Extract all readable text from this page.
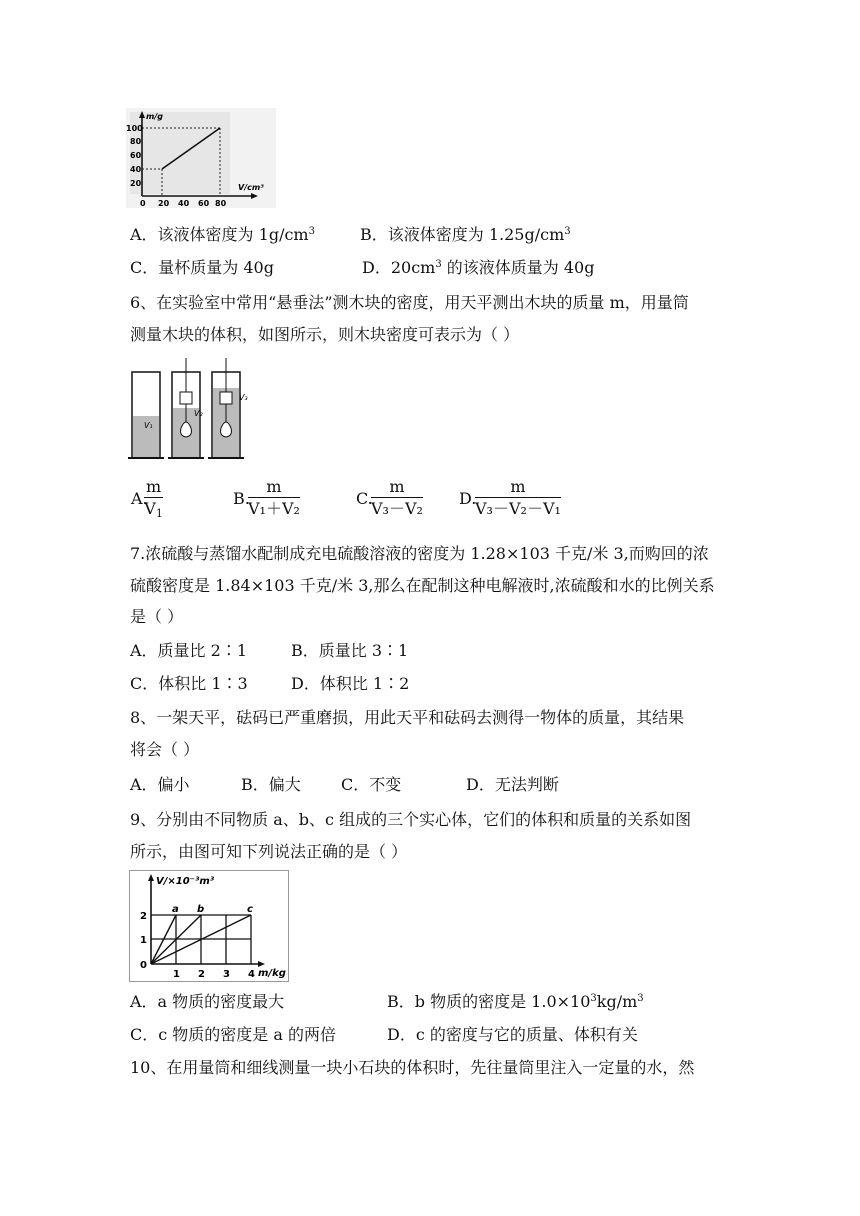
m/g
V/cm³
100
80
60
40
20
0 20 40 60 80
A．该液体密度为 $1g/cm^3$	B．该液体密度为 $1.25g/cm^3$
C．量杯质量为 40g	D．$20cm^3$ 的该液体质量为 40g
6、在实验室中常用“悬垂法”测木块的密度，用天平测出木块的质量 m，用量筒
测量木块的体积，如图所示，则木块密度可表示为（ ）
V₁
V₂
V₃
A.
$\frac{m}{V_1}$	B.
$\frac{m}{\text{V₁＋V₂}}$	C.
$\frac{m}{\text{V₃－V₂}} D$.
$\frac{m}{\text{V₃－V₂－V₁}}$
7.浓硫酸与蒸馏水配制成充电硫酸溶液的密度为 1.28×103 千克/米 3,而购回的浓
硫酸密度是 1.84×103 千克/米 3,那么在配制这种电解液时,浓硫酸和水的比例关系
是（ ）
A．质量比 2∶1	B．质量比 3∶1
C．体积比 1∶3	D．体积比 1∶2
8、一架天平，砝码已严重磨损，用此天平和砝码去测得一物体的质量，其结果
将会（ ）
A．偏小	B．偏大	C．不变	D．无法判断
9、分别由不同物质 a、b、c 组成的三个实心体，它们的体积和质量的关系如图
所示，由图可知下列说法正确的是（ ）
V/×10⁻³m³
m/kg
2
1
0
1 2 3 4
a b	c
A．a 物质的密度最大	B．b 物质的密度是 $1.0\times 10^3kg/m^3$
C．c 物质的密度是 a 的两倍	D．c 的密度与它的质量、体积有关
10、在用量筒和细线测量一块小石块的体积时，先往量筒里注入一定量的水，然
